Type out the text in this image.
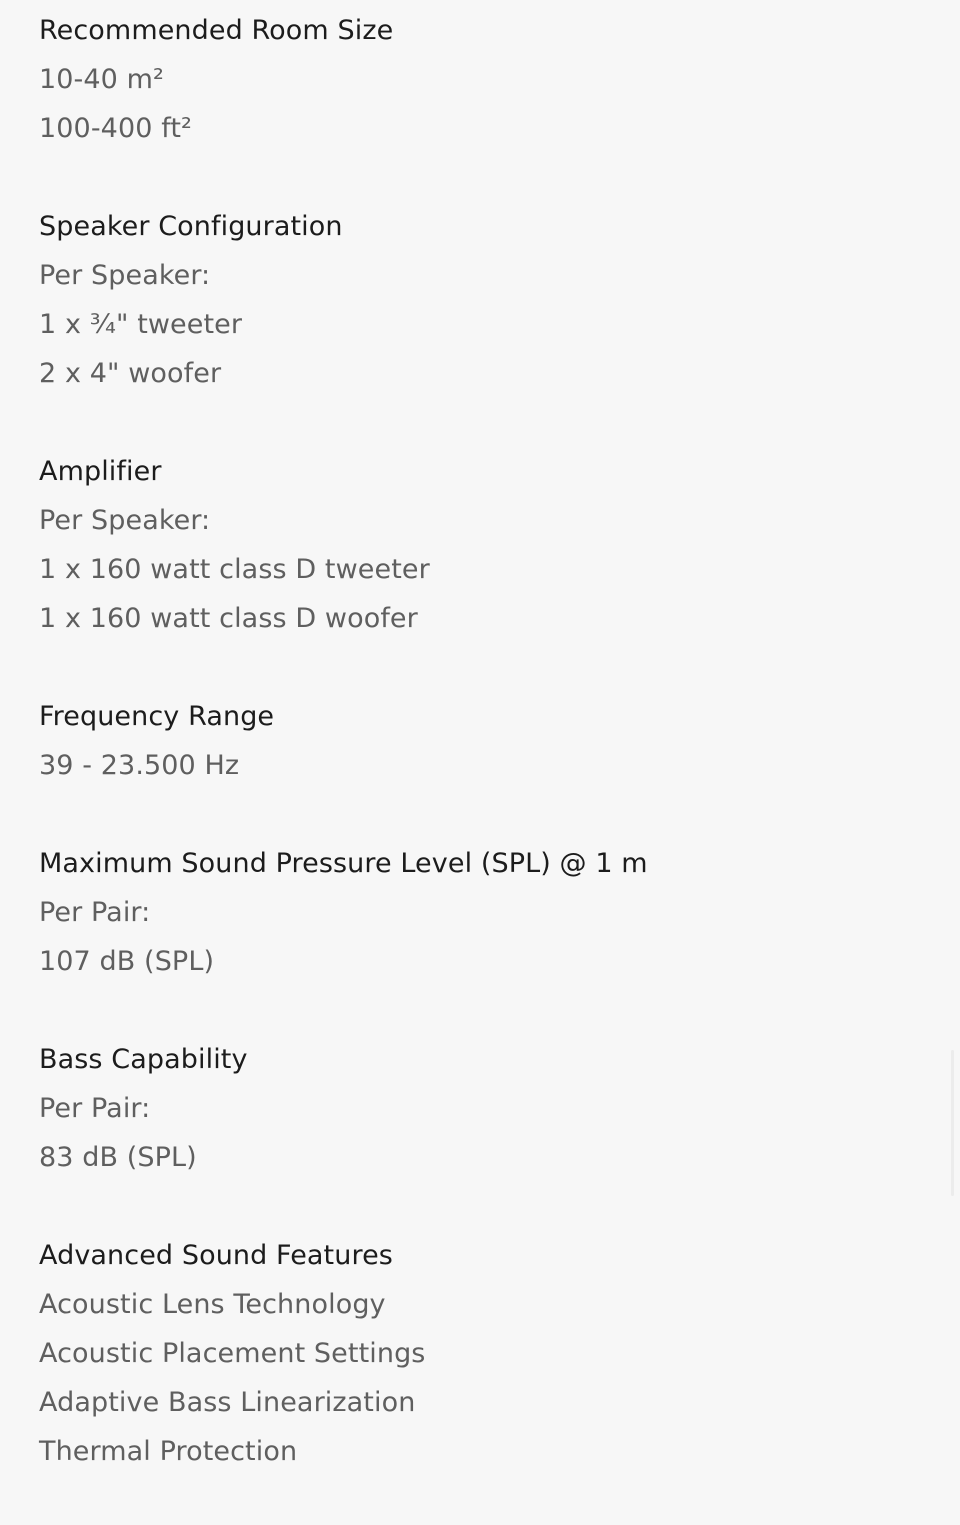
Recommended Room Size
10-40 m²
100-400 ft²
Speaker Configuration
Per Speaker:
1 x ¾" tweeter
2 x 4" woofer
Amplifier
Per Speaker:
1 x 160 watt class D tweeter
1 x 160 watt class D woofer
Frequency Range
39 - 23.500 Hz
Maximum Sound Pressure Level (SPL) @ 1 m
Per Pair:
107 dB (SPL)
Bass Capability
Per Pair:
83 dB (SPL)
Advanced Sound Features
Acoustic Lens Technology
Acoustic Placement Settings
Adaptive Bass Linearization
Thermal Protection
